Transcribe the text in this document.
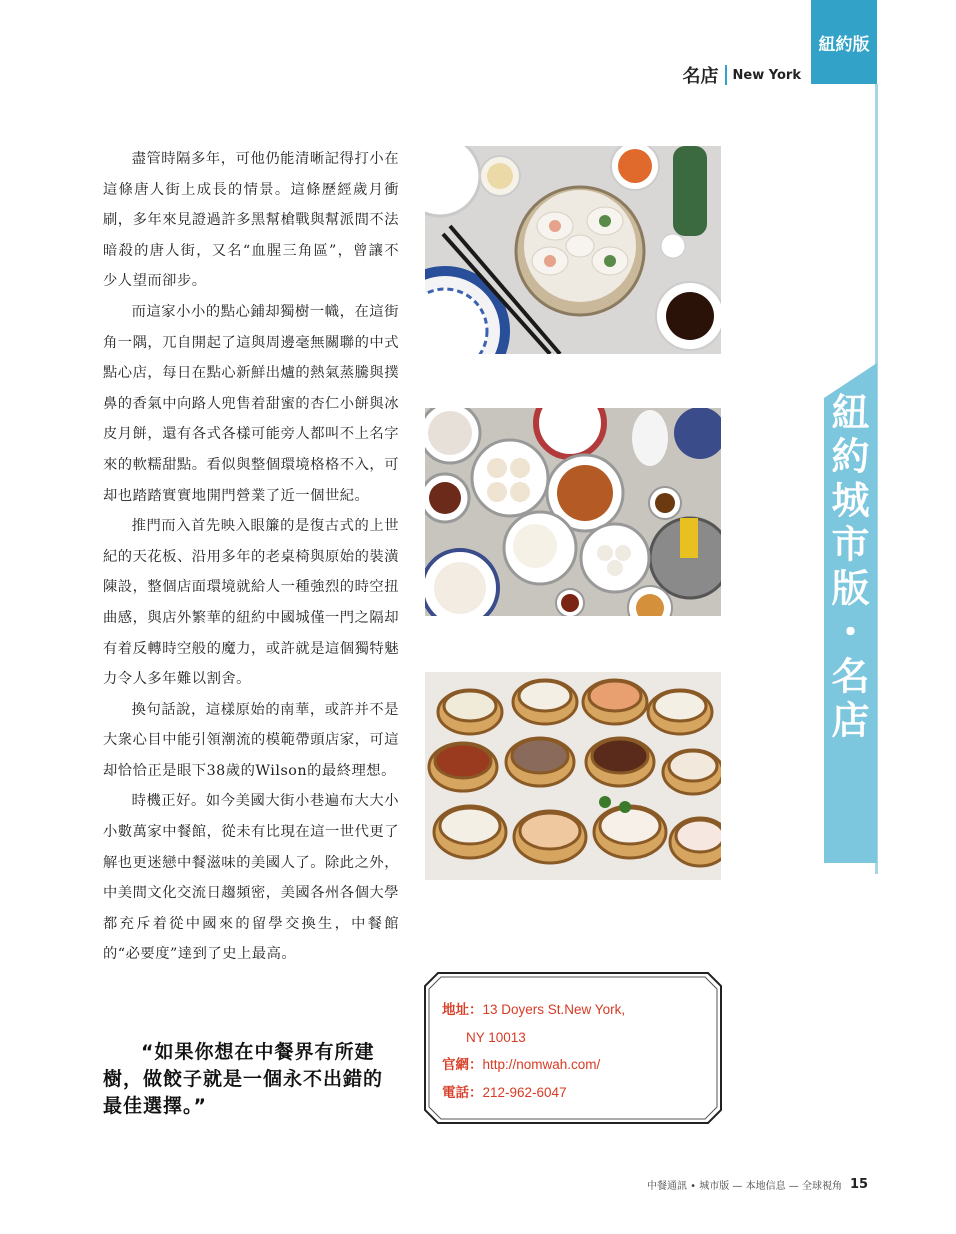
紐約版
紐約城市版・名店
名店 New York

盡管時隔多年，可他仍能清晰記得打小在這條唐人街上成長的情景。這條歷經歲月衝刷，多年來見證過許多黑幫槍戰與幫派間不法暗殺的唐人街，又名“血腥三角區”，曾讓不少人望而卻步。

而這家小小的點心鋪却獨樹一幟，在這街角一隅，兀自開起了這與周邊毫無關聯的中式點心店，每日在點心新鮮出爐的熱氣蒸騰與撲鼻的香氣中向路人兜售着甜蜜的杏仁小餅與冰皮月餅，還有各式各樣可能旁人都叫不上名字來的軟糯甜點。看似與整個環境格格不入，可却也踏踏實實地開門營業了近一個世紀。

推門而入首先映入眼簾的是復古式的上世紀的天花板、沿用多年的老桌椅與原始的裝潢陳設，整個店面環境就給人一種強烈的時空扭曲感，與店外繁華的紐約中國城僅一門之隔却有着反轉時空般的魔力，或許就是這個獨特魅力令人多年難以割舍。

換句話說，這樣原始的南華，或許并不是大衆心目中能引領潮流的模範帶頭店家，可這却恰恰正是眼下38歲的Wilson的最終理想。

時機正好。如今美國大街小巷遍布大大小小數萬家中餐館，從未有比現在這一世代更了解也更迷戀中餐滋味的美國人了。除此之外，中美間文化交流日趨頻密，美國各州各個大學都充斥着從中國來的留學交換生，中餐館的“必要度”達到了史上最高。

“如果你想在中餐界有所建樹，做餃子就是一個永不出錯的最佳選擇。”

地址：13 Doyers St.New York,
NY 10013
官網：http://nomwah.com/
電話：212-962-6047
中餐通訊 • 城市版 — 本地信息 — 全球視角 15
